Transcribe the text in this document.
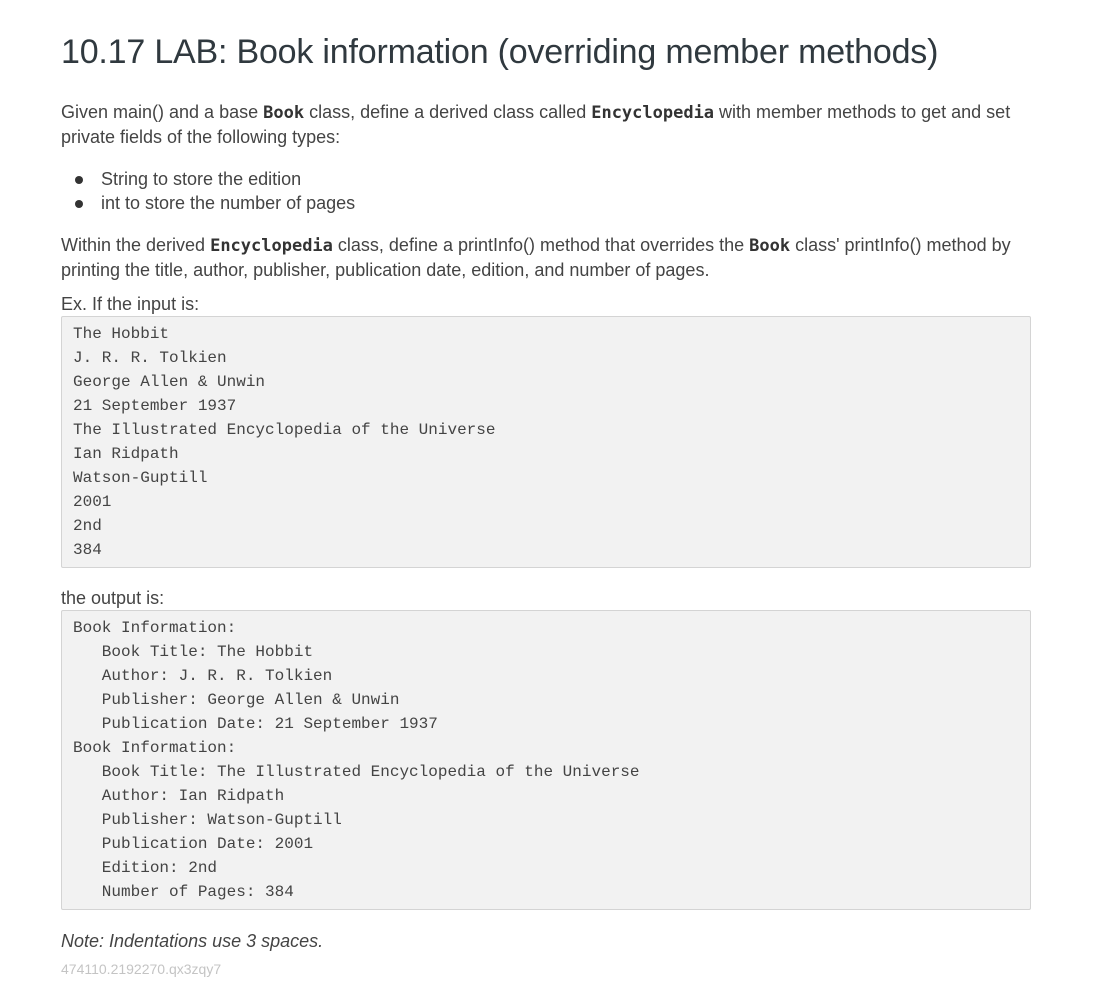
10.17 LAB: Book information (overriding member methods)

Given main() and a base Book class, define a derived class called Encyclopedia with member methods to get and set private fields of the following types:

String to store the edition
int to store the number of pages

Within the derived Encyclopedia class, define a printInfo() method that overrides the Book class' printInfo() method by printing the title, author, publisher, publication date, edition, and number of pages.

Ex. If the input is:

The Hobbit
J. R. R. Tolkien
George Allen & Unwin
21 September 1937
The Illustrated Encyclopedia of the Universe
Ian Ridpath
Watson-Guptill
2001
2nd
384

the output is:

Book Information:
Book Title: The Hobbit
Author: J. R. R. Tolkien
Publisher: George Allen & Unwin
Publication Date: 21 September 1937
Book Information:
Book Title: The Illustrated Encyclopedia of the Universe
Author: Ian Ridpath
Publisher: Watson-Guptill
Publication Date: 2001
Edition: 2nd
Number of Pages: 384

Note: Indentations use 3 spaces.

474110.2192270.qx3zqy7
